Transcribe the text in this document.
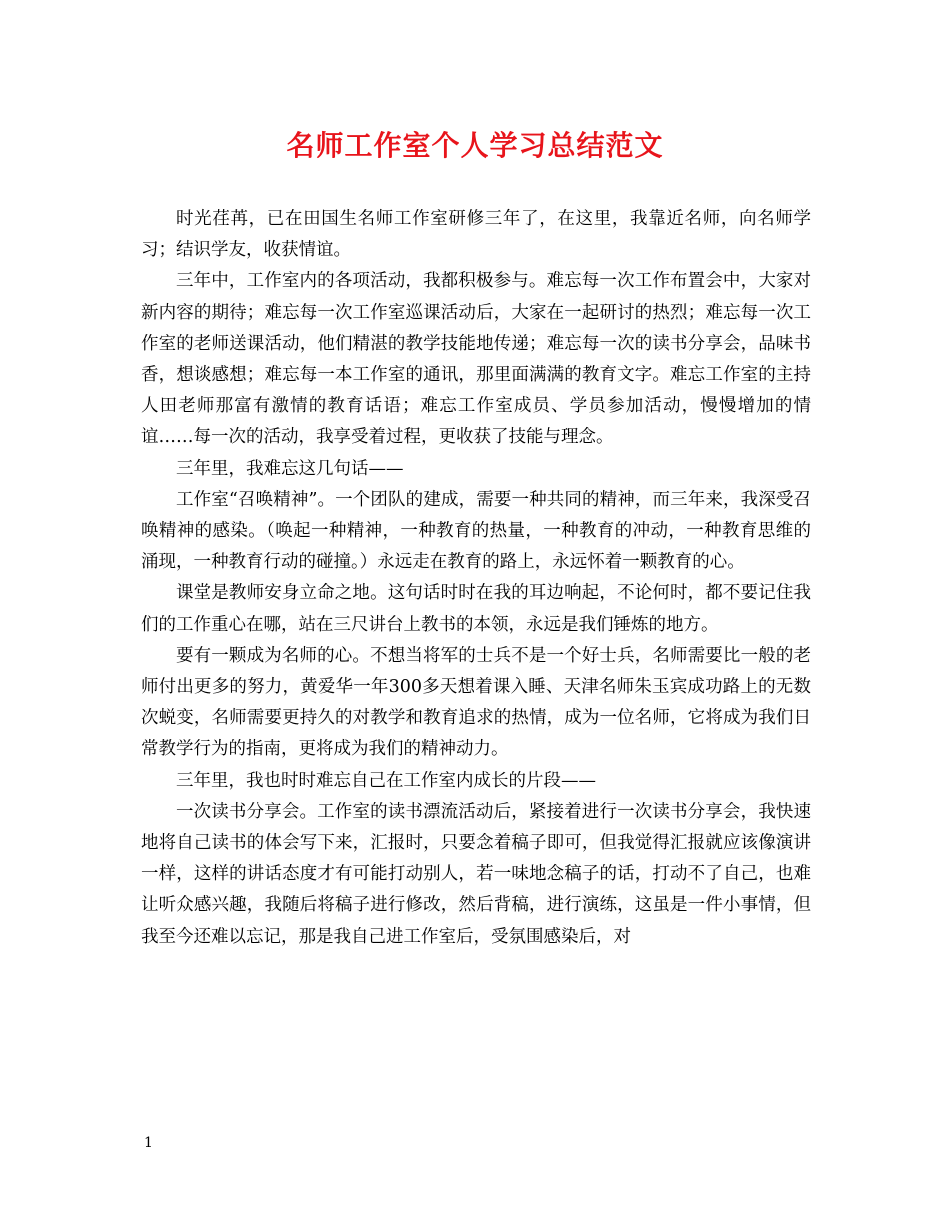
名师工作室个人学习总结范文

时光荏苒，已在田国生名师工作室研修三年了，在这里，我靠近名师，向名师学习；结识学友，收获情谊。

三年中，工作室内的各项活动，我都积极参与。难忘每一次工作布置会中，大家对新内容的期待；难忘每一次工作室巡课活动后，大家在一起研讨的热烈；难忘每一次工作室的老师送课活动，他们精湛的教学技能地传递；难忘每一次的读书分享会，品味书香，想谈感想；难忘每一本工作室的通讯，那里面满满的教育文字。难忘工作室的主持人田老师那富有激情的教育话语；难忘工作室成员、学员参加活动，慢慢增加的情谊……每一次的活动，我享受着过程，更收获了技能与理念。

三年里，我难忘这几句话——

工作室“召唤精神”。一个团队的建成，需要一种共同的精神，而三年来，我深受召唤精神的感染。（唤起一种精神，一种教育的热量，一种教育的冲动，一种教育思维的涌现，一种教育行动的碰撞。）永远走在教育的路上，永远怀着一颗教育的心。

课堂是教师安身立命之地。这句话时时在我的耳边响起，不论何时，都不要记住我们的工作重心在哪，站在三尺讲台上教书的本领，永远是我们锤炼的地方。

要有一颗成为名师的心。不想当将军的士兵不是一个好士兵，名师需要比一般的老师付出更多的努力，黄爱华一年300多天想着课入睡、天津名师朱玉宾成功路上的无数次蜕变，名师需要更持久的对教学和教育追求的热情，成为一位名师，它将成为我们日常教学行为的指南，更将成为我们的精神动力。

三年里，我也时时难忘自己在工作室内成长的片段——

一次读书分享会。工作室的读书漂流活动后，紧接着进行一次读书分享会，我快速地将自己读书的体会写下来，汇报时，只要念着稿子即可，但我觉得汇报就应该像演讲一样，这样的讲话态度才有可能打动别人，若一味地念稿子的话，打动不了自己，也难让听众感兴趣，我随后将稿子进行修改，然后背稿，进行演练，这虽是一件小事情，但我至今还难以忘记，那是我自己进工作室后，受氛围感染后，对

1
